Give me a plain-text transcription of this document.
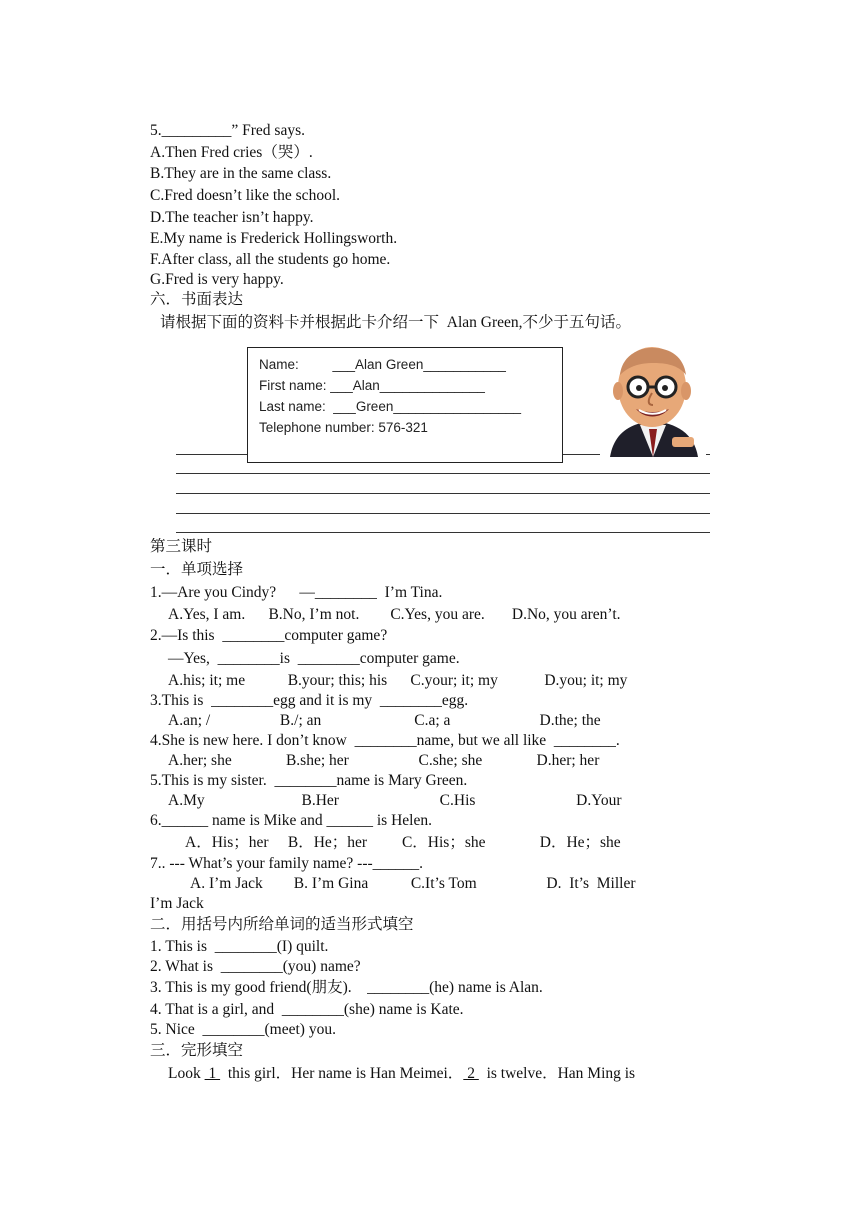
5._________” Fred says.
A.Then Fred cries（哭）.
B.They are in the same class.
C.Fred doesn’t like the school.
D.The teacher isn’t happy.
E.My name is Frederick Hollingsworth.
F.After class, all the students go home.
G.Fred is very happy.
六．书面表达
请根据下面的资料卡并根据此卡介绍一下  Alan Green,不少于五句话。
Name:         ___Alan Green___________
First name: ___Alan______________
Last name:  ___Green_________________
Telephone number: 576-321
第三课时
一．单项选择
1.—Are you Cindy?      —________  I’m Tina.
A.Yes, I am.      B.No, I’m not.        C.Yes, you are.       D.No, you aren’t.
2.—Is this  ________computer game?
—Yes,  ________is  ________computer game.
A.his; it; me           B.your; this; his      C.your; it; my            D.you; it; my
3.This is  ________egg and it is my  ________egg.
A.an; /                  B./; an                        C.a; a                       D.the; the
4.She is new here. I don’t know  ________name, but we all like  ________.
A.her; she              B.she; her                  C.she; she              D.her; her
5.This is my sister.  ________name is Mary Green.
A.My                         B.Her                          C.His                          D.Your
6.______ name is Mike and ______ is Helen.
A．His；her     B．He；her         C．His；she              D．He；she
7.. --- What’s your family name? ---______.
A. I’m Jack        B. I’m Gina           C.It’s Tom                  D.  It’s  Miller
I’m Jack
二．用括号内所给单词的适当形式填空
1. This is  ________(I) quilt.
2. What is  ________(you) name?
3. This is my good friend(朋友).    ________(he) name is Alan.
4. That is a girl, and  ________(she) name is Kate.
5. Nice  ________(meet) you.
三．完形填空
Look  1   this girl．Her name is Han Meimei． 2   is twelve．Han Ming is
